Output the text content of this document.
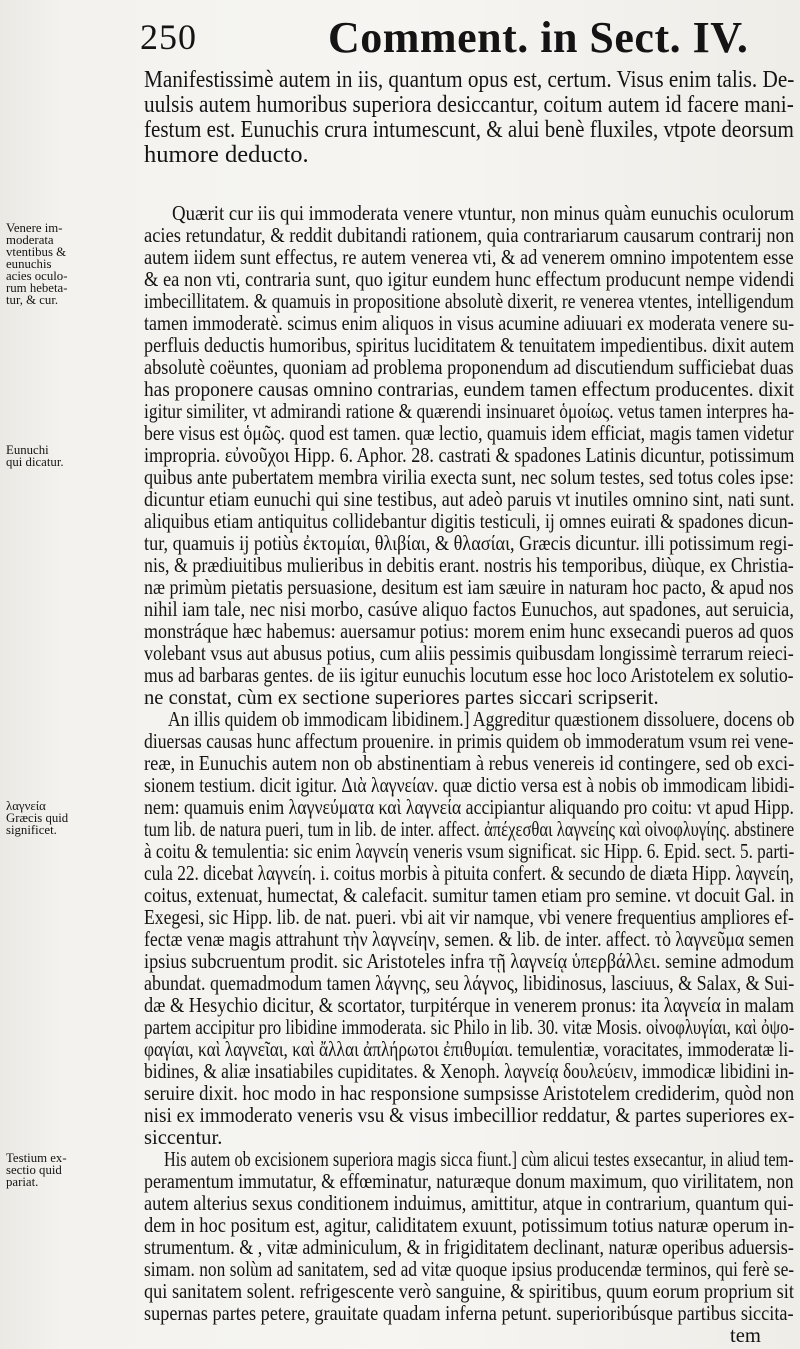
250	Comment. in Sect. IV.
Manifestissimè autem in iis, quantum opus est, certum. Visus enim talis. De-
uulsis autem humoribus superiora desiccantur, coitum autem id facere mani-
festum est. Eunuchis crura intumescunt, & alui benè fluxiles, vtpote deorsum
humore deducto.
Quærit cur iis qui immoderata venere vtuntur, non minus quàm eunuchis oculorum
acies retundatur, & reddit dubitandi rationem, quia contrariarum causarum contrarij non
autem iidem sunt effectus, re autem venerea vti, & ad venerem omnino impotentem esse
& ea non vti, contraria sunt, quo igitur eundem hunc effectum producunt nempe videndi
imbecillitatem. & quamuis in propositione absolutè dixerit, re venerea vtentes, intelligendum
tamen immoderatè. scimus enim aliquos in visus acumine adiuuari ex moderata venere su-
perfluis deductis humoribus, spiritus luciditatem & tenuitatem impedientibus. dixit autem
absolutè coëuntes, quoniam ad problema proponendum ad discutiendum sufficiebat duas
has proponere causas omnino contrarias, eundem tamen effectum producentes. dixit
igitur similiter, vt admirandi ratione & quærendi insinuaret ὁμοίως. vetus tamen interpres ha-
bere visus est ὁμῶς. quod est tamen. quæ lectio, quamuis idem efficiat, magis tamen videtur
impropria. εὐνοῦχοι Hipp. 6. Aphor. 28. castrati & spadones Latinis dicuntur, potissimum
quibus ante pubertatem membra virilia execta sunt, nec solum testes, sed totus coles ipse:
dicuntur etiam eunuchi qui sine testibus, aut adeò paruis vt inutiles omnino sint, nati sunt.
aliquibus etiam antiquitus collidebantur digitis testiculi, ij omnes euirati & spadones dicun-
tur, quamuis ij potiùs ἐκτομίαι, θλιβίαι, & θλασίαι, Græcis dicuntur. illi potissimum regi-
nis, & prædiuitibus mulieribus in debitis erant. nostris his temporibus, diùque, ex Christia-
næ primùm pietatis persuasione, desitum est iam sæuire in naturam hoc pacto, & apud nos
nihil iam tale, nec nisi morbo, casúve aliquo factos Eunuchos, aut spadones, aut seruicia,
monstráque hæc habemus: auersamur potius: morem enim hunc exsecandi pueros ad quos
volebant vsus aut abusus potius, cum aliis pessimis quibusdam longissimè terrarum reieci-
mus ad barbaras gentes. de iis igitur eunuchis locutum esse hoc loco Aristotelem ex solutio-
ne constat, cùm ex sectione superiores partes siccari scripserit.
An illis quidem ob immodicam libidinem.] Aggreditur quæstionem dissoluere, docens ob
diuersas causas hunc affectum prouenire. in primis quidem ob immoderatum vsum rei vene-
reæ, in Eunuchis autem non ob abstinentiam à rebus venereis id contingere, sed ob exci-
sionem testium. dicit igitur. Διὰ λαγνείαν. quæ dictio versa est à nobis ob immodicam libidi-
nem: quamuis enim λαγνεύματα καὶ λαγνεία accipiantur aliquando pro coitu: vt apud Hipp.
tum lib. de natura pueri, tum in lib. de inter. affect. ἀπέχεσθαι λαγνείης καὶ οἰνοφλυγίης. abstinere
à coitu & temulentia: sic enim λαγνείη veneris vsum significat. sic Hipp. 6. Epid. sect. 5. parti-
cula 22. dicebat λαγνείη. i. coitus morbis à pituita confert. & secundo de diæta Hipp. λαγνείη,
coitus, extenuat, humectat, & calefacit. sumitur tamen etiam pro semine. vt docuit Gal. in
Exegesi, sic Hipp. lib. de nat. pueri. vbi ait vir namque, vbi venere frequentius ampliores ef-
fectæ venæ magis attrahunt τὴν λαγνείην, semen. & lib. de inter. affect. τὸ λαγνεῦμα semen
ipsius subcruentum prodit. sic Aristoteles infra τῇ λαγνείᾳ ὑπερβάλλει. semine admodum
abundat. quemadmodum tamen λάγνης, seu λάγνος, libidinosus, lasciuus, & Salax, & Sui-
dæ & Hesychio dicitur, & scortator, turpitérque in venerem pronus: ita λαγνεία in malam
partem accipitur pro libidine immoderata. sic Philo in lib. 30. vitæ Mosis. οἰνοφλυγίαι, καὶ ὀψο-
φαγίαι, καὶ λαγνεῖαι, καὶ ἄλλαι ἀπλήρωτοι ἐπιθυμίαι. temulentiæ, voracitates, immoderatæ li-
bidines, & aliæ insatiabiles cupiditates. & Xenoph. λαγνείᾳ δουλεύειν, immodicæ libidini in-
seruire dixit. hoc modo in hac responsione sumpsisse Aristotelem crediderim, quòd non
nisi ex immoderato veneris vsu & visus imbecillior reddatur, & partes superiores ex-
siccentur.
His autem ob excisionem superiora magis sicca fiunt.] cùm alicui testes exsecantur, in aliud tem-
peramentum immutatur, & effœminatur, naturæque donum maximum, quo virilitatem, non
autem alterius sexus conditionem induimus, amittitur, atque in contrarium, quantum qui-
dem in hoc positum est, agitur, caliditatem exuunt, potissimum totius naturæ operum in-
strumentum. & , vitæ adminiculum, & in frigiditatem declinant, naturæ operibus aduersis-
simam. non solùm ad sanitatem, sed ad vitæ quoque ipsius producendæ terminos, qui ferè se-
qui sanitatem solent. refrigescente verò sanguine, & spiritibus, quum eorum proprium sit
supernas partes petere, grauitate quadam inferna petunt. superioribúsque partibus siccita-
tem
Venere im-
moderata
vtentibus &
eunuchis
acies oculo-
rum hebeta-
tur, & cur.
Eunuchi
qui dicatur.
λαγνεία
Græcis quid
significet.
Testium ex-
sectio quid
pariat.
